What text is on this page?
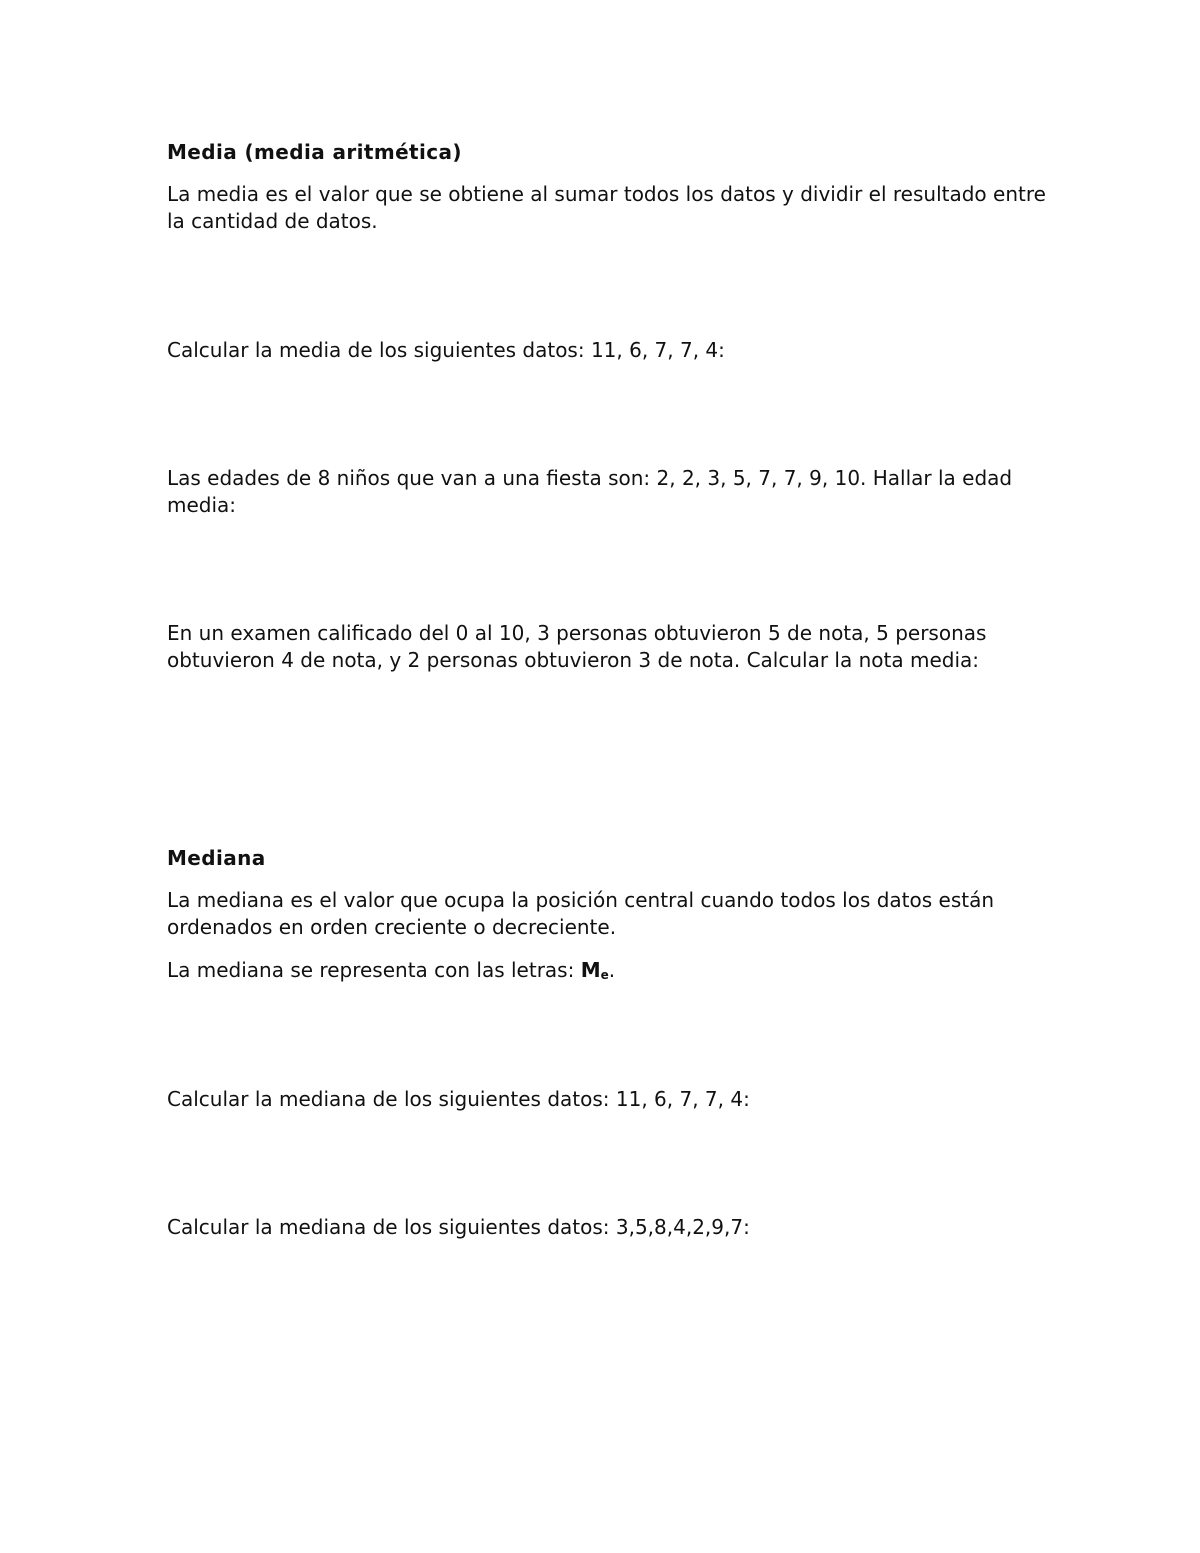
Media (media aritmética)

La media es el valor que se obtiene al sumar todos los datos y dividir el resultado entre la cantidad de datos.

Calcular la media de los siguientes datos: 11, 6, 7, 7, 4:

Las edades de 8 niños que van a una fiesta son: 2, 2, 3, 5, 7, 7, 9, 10. Hallar la edad media:

En un examen calificado del 0 al 10, 3 personas obtuvieron 5 de nota, 5 personas obtuvieron 4 de nota, y 2 personas obtuvieron 3 de nota. Calcular la nota media:

Mediana

La mediana es el valor que ocupa la posición central cuando todos los datos están ordenados en orden creciente o decreciente.

La mediana se representa con las letras: $M_e$.

Calcular la mediana de los siguientes datos: 11, 6, 7, 7, 4:

Calcular la mediana de los siguientes datos: 3,5,8,4,2,9,7:
